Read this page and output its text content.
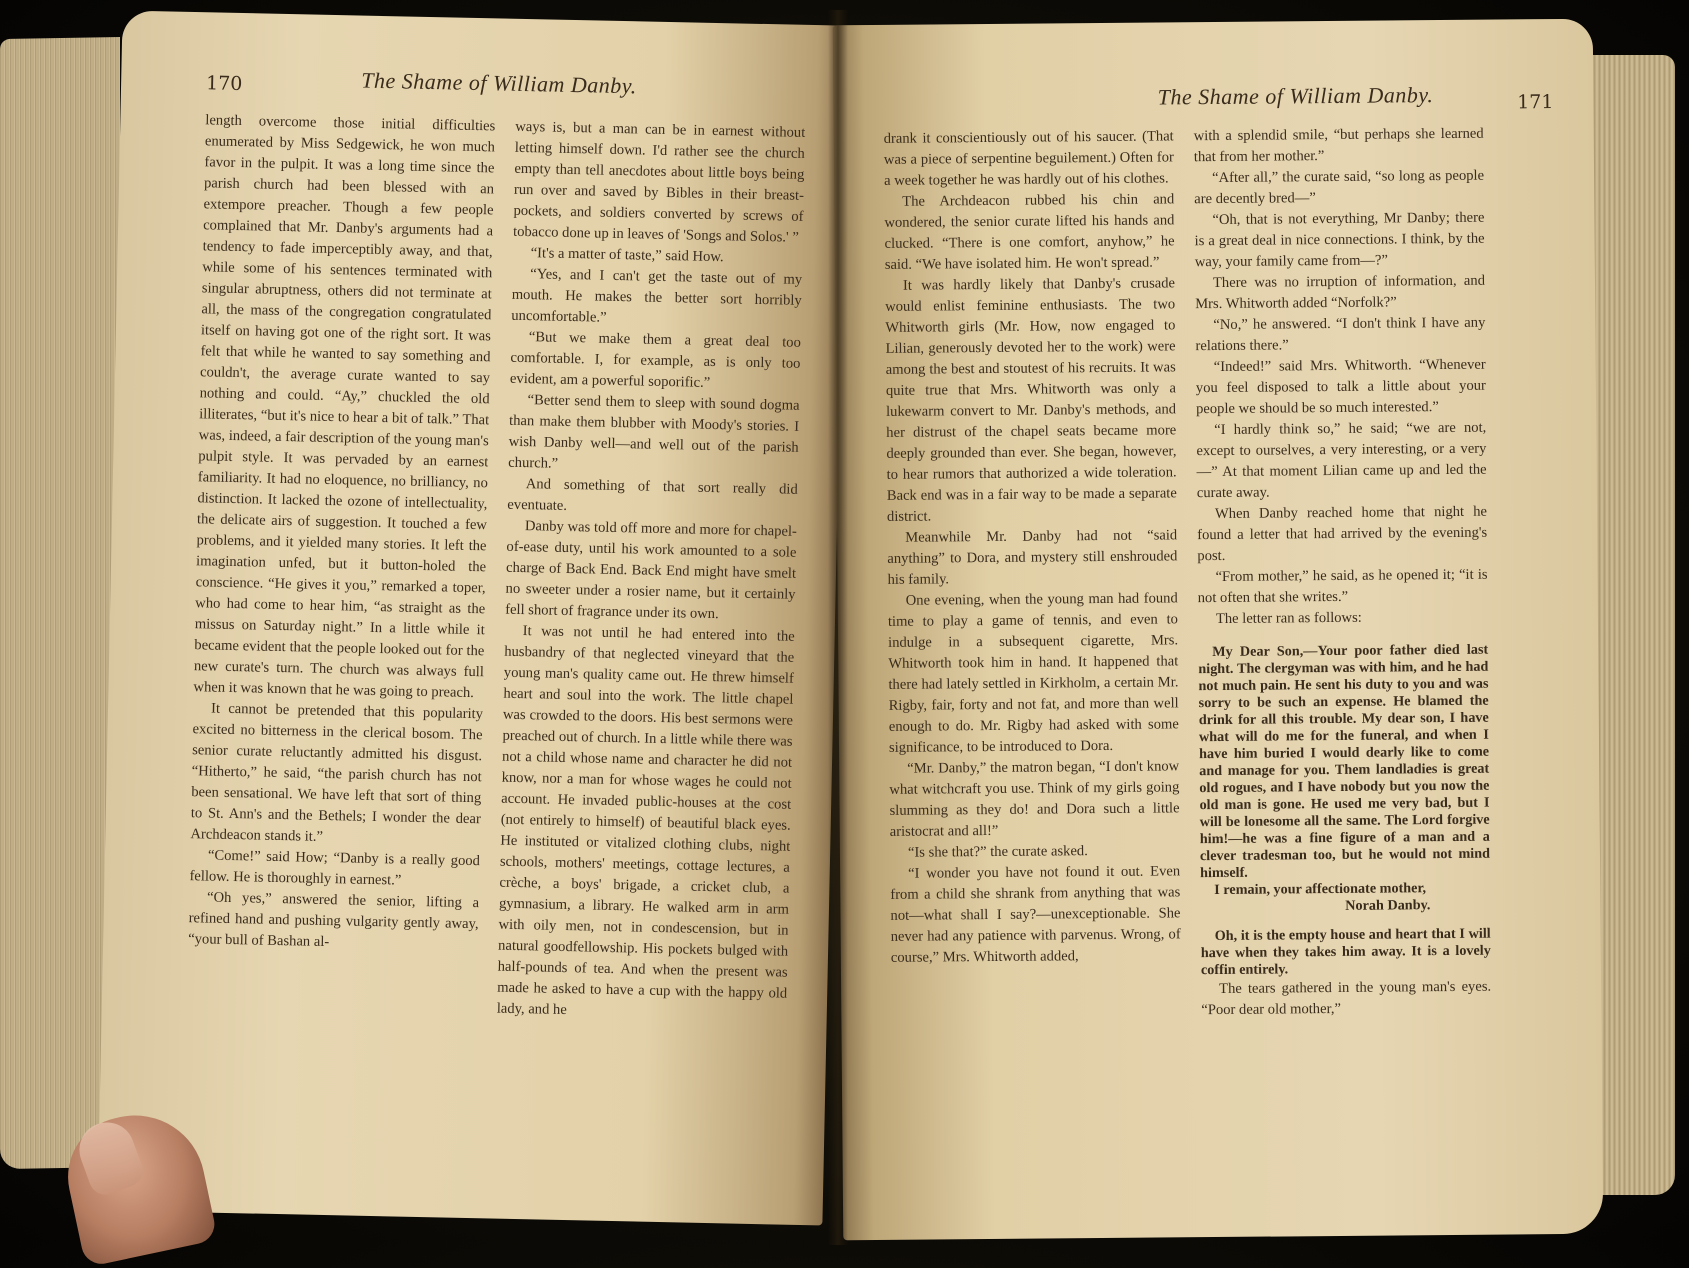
170	The Shame of William Danby.

length overcome those initial difficulties enumerated by Miss Sedgewick, he won much favor in the pulpit. It was a long time since the parish church had been blessed with an extempore preacher. Though a few people complained that Mr. Danby's arguments had a tendency to fade imperceptibly away, and that, while some of his sentences terminated with singular abruptness, others did not terminate at all, the mass of the congregation congratulated itself on having got one of the right sort. It was felt that while he wanted to say something and couldn't, the average curate wanted to say nothing and could. “Ay,” chuckled the old illiterates, “but it's nice to hear a bit of talk.” That was, indeed, a fair description of the young man's pulpit style. It was pervaded by an earnest familiarity. It had no eloquence, no brilliancy, no distinction. It lacked the ozone of intellectuality, the delicate airs of suggestion. It touched a few problems, and it yielded many stories. It left the imagination unfed, but it button-holed the conscience. “He gives it you,” remarked a toper, who had come to hear him, “as straight as the missus on Saturday night.” In a little while it became evident that the people looked out for the new curate's turn. The church was always full when it was known that he was going to preach.

It cannot be pretended that this popularity excited no bitterness in the clerical bosom. The senior curate reluctantly admitted his disgust. “Hitherto,” he said, “the parish church has not been sensational. We have left that sort of thing to St. Ann's and the Bethels; I wonder the dear Archdeacon stands it.”

“Come!” said How; “Danby is a really good fellow. He is thoroughly in earnest.”

“Oh yes,” answered the senior, lifting a refined hand and pushing vulgarity gently away, “your bull of Bashan al-

ways is, but a man can be in earnest without letting himself down. I'd rather see the church empty than tell anecdotes about little boys being run over and saved by Bibles in their breast-pockets, and soldiers converted by screws of tobacco done up in leaves of 'Songs and Solos.' ”

“It's a matter of taste,” said How.

“Yes, and I can't get the taste out of my mouth. He makes the better sort horribly uncomfortable.”

“But we make them a great deal too comfortable. I, for example, as is only too evident, am a powerful soporific.”

“Better send them to sleep with sound dogma than make them blubber with Moody's stories. I wish Danby well—and well out of the parish church.”

And something of that sort really did eventuate.

Danby was told off more and more for chapel-of-ease duty, until his work amounted to a sole charge of Back End. Back End might have smelt no sweeter under a rosier name, but it certainly fell short of fragrance under its own.

It was not until he had entered into the husbandry of that neglected vineyard that the young man's quality came out. He threw himself heart and soul into the work. The little chapel was crowded to the doors. His best sermons were preached out of church. In a little while there was not a child whose name and character he did not know, nor a man for whose wages he could not account. He invaded public-houses at the cost (not entirely to himself) of beautiful black eyes. He instituted or vitalized clothing clubs, night schools, mothers' meetings, cottage lectures, a crèche, a boys' brigade, a cricket club, a gymnasium, a library. He walked arm in arm with oily men, not in condescension, but in natural goodfellowship. His pockets bulged with half-pounds of tea. And when the present was made he asked to have a cup with the happy old lady, and he

The Shame of William Danby.	171

drank it conscientiously out of his saucer. (That was a piece of serpentine beguilement.) Often for a week together he was hardly out of his clothes.

The Archdeacon rubbed his chin and wondered, the senior curate lifted his hands and clucked. “There is one comfort, anyhow,” he said. “We have isolated him. He won't spread.”

It was hardly likely that Danby's crusade would enlist feminine enthusiasts. The two Whitworth girls (Mr. How, now engaged to Lilian, generously devoted her to the work) were among the best and stoutest of his recruits. It was quite true that Mrs. Whitworth was only a lukewarm convert to Mr. Danby's methods, and her distrust of the chapel seats became more deeply grounded than ever. She began, however, to hear rumors that authorized a wide toleration. Back end was in a fair way to be made a separate district.

Meanwhile Mr. Danby had not “said anything” to Dora, and mystery still enshrouded his family.

One evening, when the young man had found time to play a game of tennis, and even to indulge in a subsequent cigarette, Mrs. Whitworth took him in hand. It happened that there had lately settled in Kirkholm, a certain Mr. Rigby, fair, forty and not fat, and more than well enough to do. Mr. Rigby had asked with some significance, to be introduced to Dora.

“Mr. Danby,” the matron began, “I don't know what witchcraft you use. Think of my girls going slumming as they do! and Dora such a little aristocrat and all!”

“Is she that?” the curate asked.

“I wonder you have not found it out. Even from a child she shrank from anything that was not—what shall I say?—unexceptionable. She never had any patience with parvenus. Wrong, of course,” Mrs. Whitworth added,

with a splendid smile, “but perhaps she learned that from her mother.”

“After all,” the curate said, “so long as people are decently bred—”

“Oh, that is not everything, Mr Danby; there is a great deal in nice connections. I think, by the way, your family came from—?”

There was no irruption of information, and Mrs. Whitworth added “Norfolk?”

“No,” he answered. “I don't think I have any relations there.”

“Indeed!” said Mrs. Whitworth. “Whenever you feel disposed to talk a little about your people we should be so much interested.”

“I hardly think so,” he said; “we are not, except to ourselves, a very interesting, or a very—” At that moment Lilian came up and led the curate away.

When Danby reached home that night he found a letter that had arrived by the evening's post.

“From mother,” he said, as he opened it; “it is not often that she writes.”

The letter ran as follows:

My Dear Son,—Your poor father died last night. The clergyman was with him, and he had not much pain. He sent his duty to you and was sorry to be such an expense. He blamed the drink for all this trouble. My dear son, I have what will do me for the funeral, and when I have him buried I would dearly like to come and manage for you. Them landladies is great old rogues, and I have nobody but you now the old man is gone. He used me very bad, but I will be lonesome all the same. The Lord forgive him!—he was a fine figure of a man and a clever tradesman too, but he would not mind himself.

I remain, your affectionate mother,

Norah Danby.

Oh, it is the empty house and heart that I will have when they takes him away. It is a lovely coffin entirely.

The tears gathered in the young man's eyes. “Poor dear old mother,”
